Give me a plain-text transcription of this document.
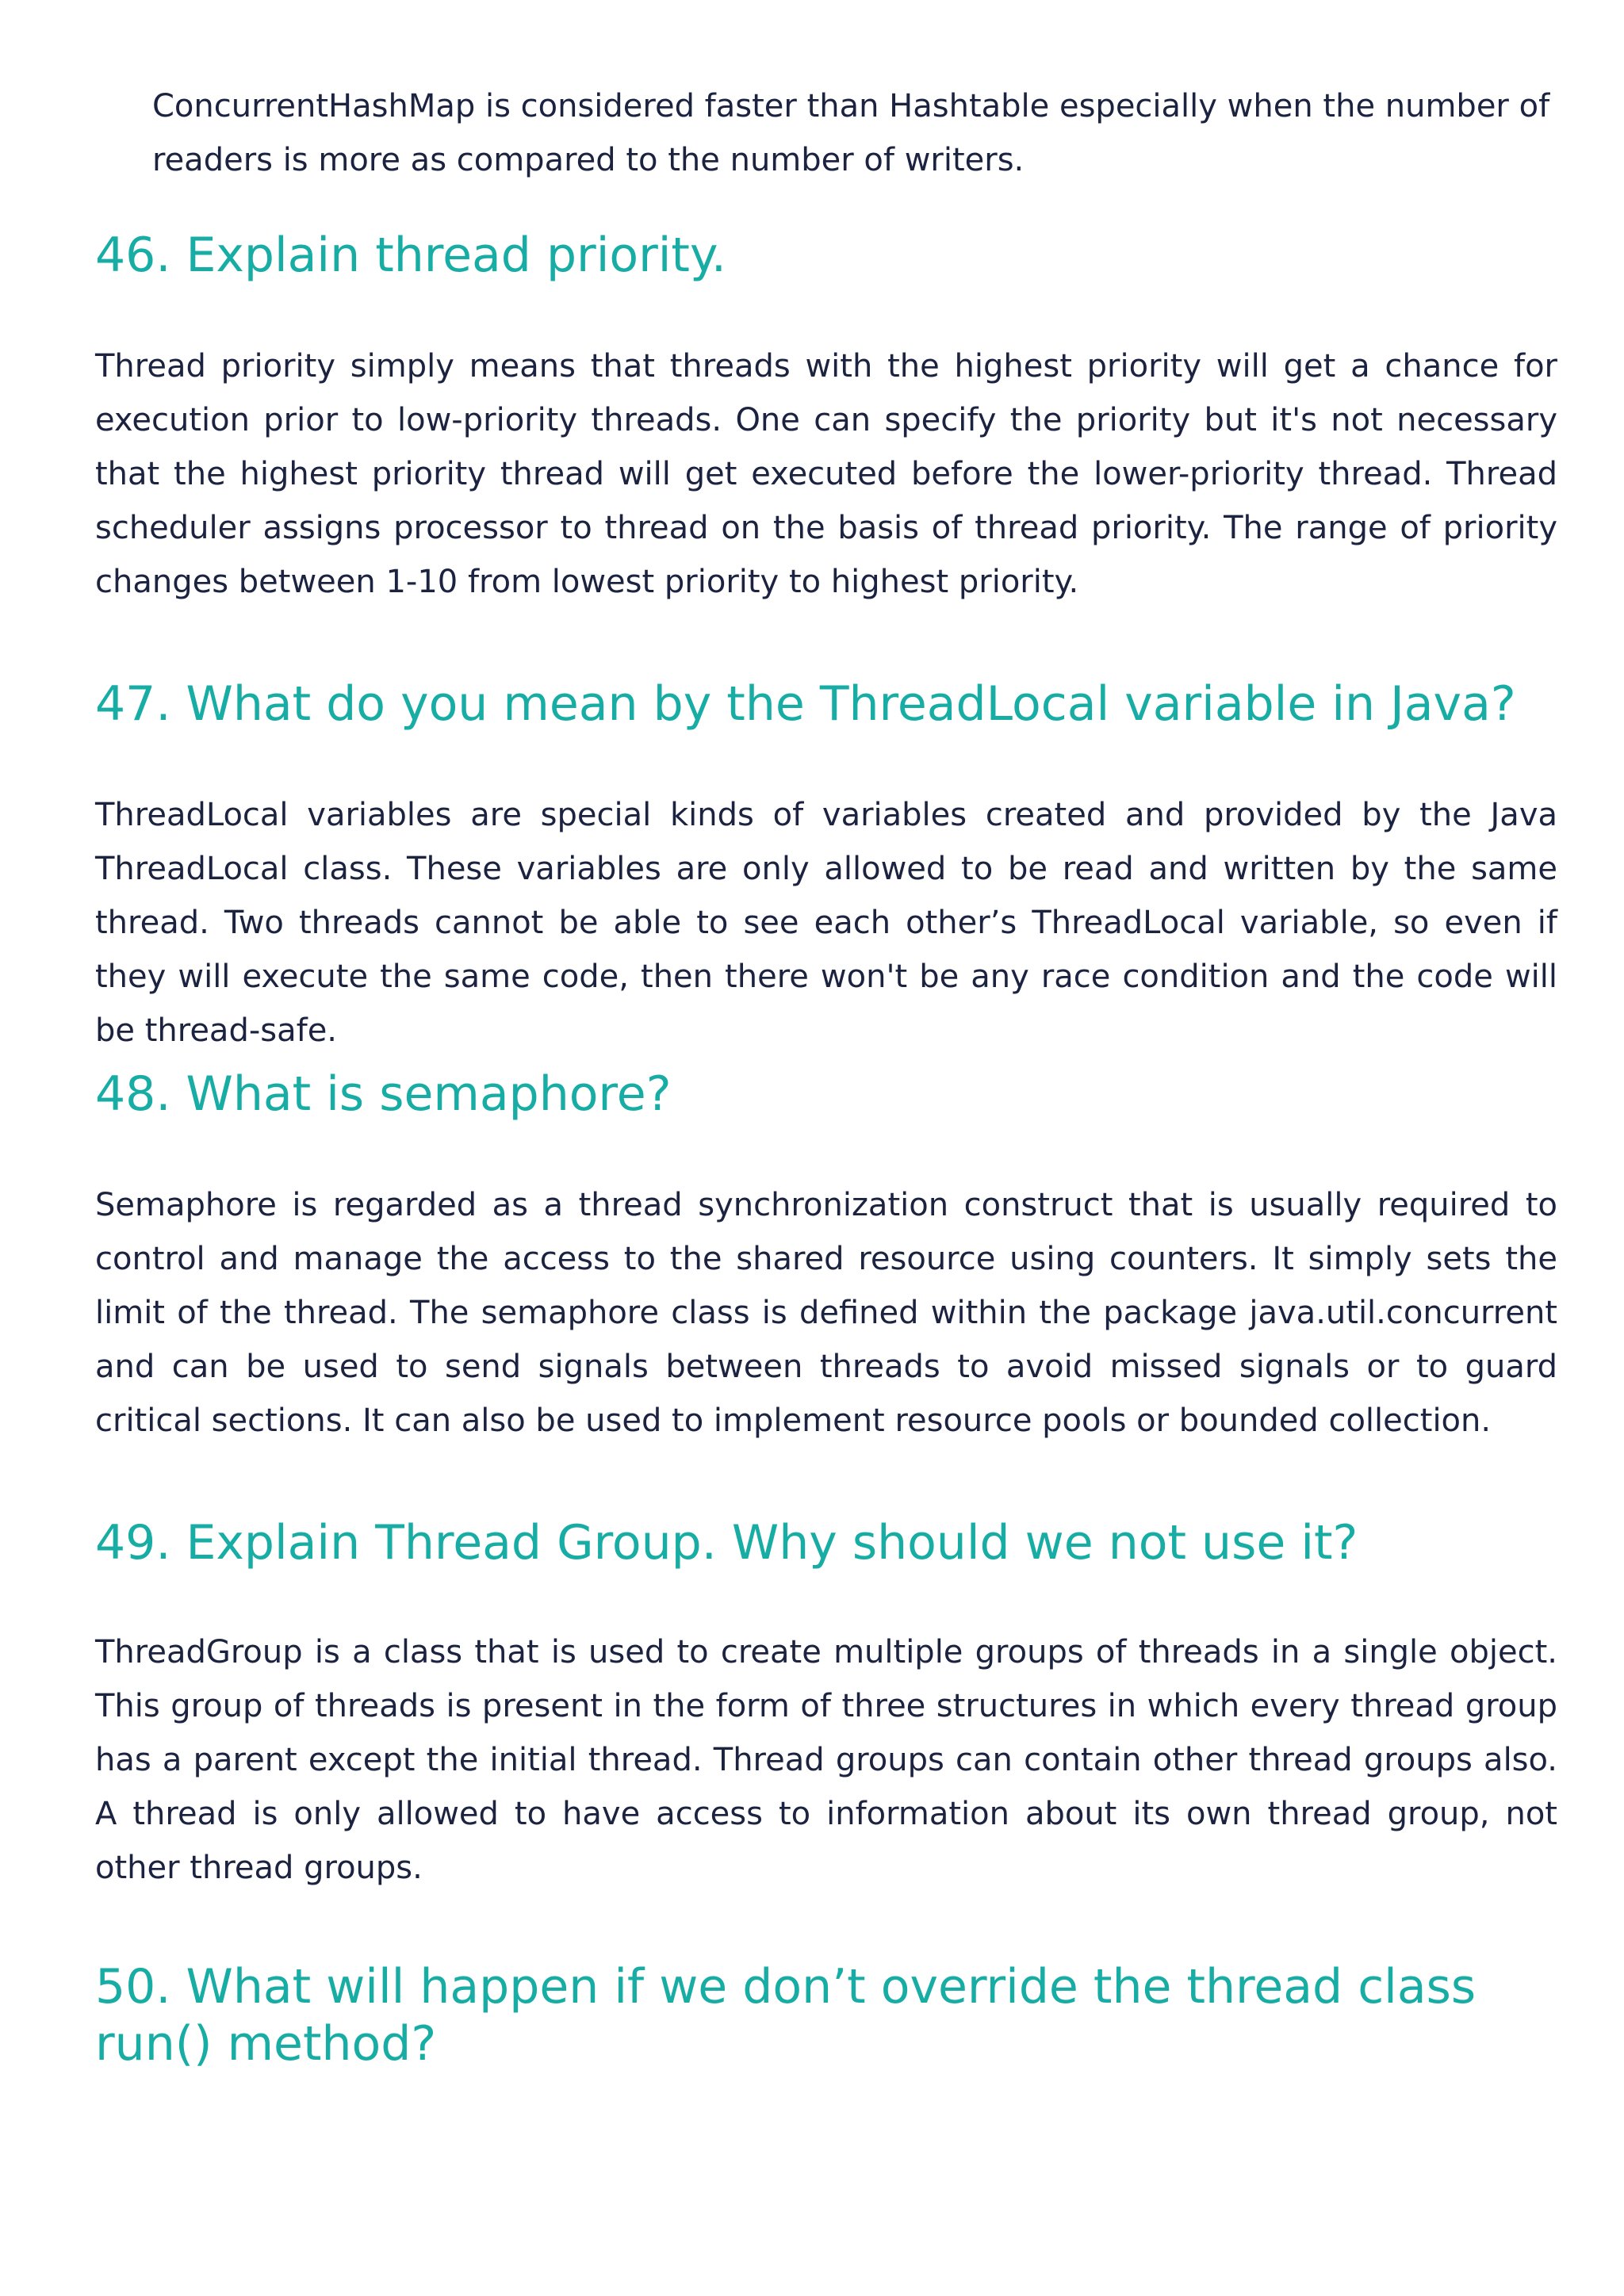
ConcurrentHashMap is considered faster than Hashtable especially when the number of readers is more as compared to the number of writers.
46. Explain thread priority.

Thread priority simply means that threads with the highest priority will get a chance for execution prior to low-priority threads. One can specify the priority but it's not necessary that the highest priority thread will get executed before the lower-priority thread. Thread scheduler assigns processor to thread on the basis of thread priority. The range of priority changes between 1-10 from lowest priority to highest priority.

47. What do you mean by the ThreadLocal variable in Java?

ThreadLocal variables are special kinds of variables created and provided by the Java ThreadLocal class. These variables are only allowed to be read and written by the same thread. Two threads cannot be able to see each other’s ThreadLocal variable, so even if they will execute the same code, then there won't be any race condition and the code will be thread-safe.

48. What is semaphore?

Semaphore is regarded as a thread synchronization construct that is usually required to control and manage the access to the shared resource using counters. It simply sets the limit of the thread. The semaphore class is defined within the package java.util.concurrent and can be used to send signals between threads to avoid missed signals or to guard critical sections. It can also be used to implement resource pools or bounded collection.

49. Explain Thread Group. Why should we not use it?

ThreadGroup is a class that is used to create multiple groups of threads in a single object. This group of threads is present in the form of three structures in which every thread group has a parent except the initial thread. Thread groups can contain other thread groups also. A thread is only allowed to have access to information about its own thread group, not other thread groups.

50. What will happen if we don’t override the thread class run() method?
